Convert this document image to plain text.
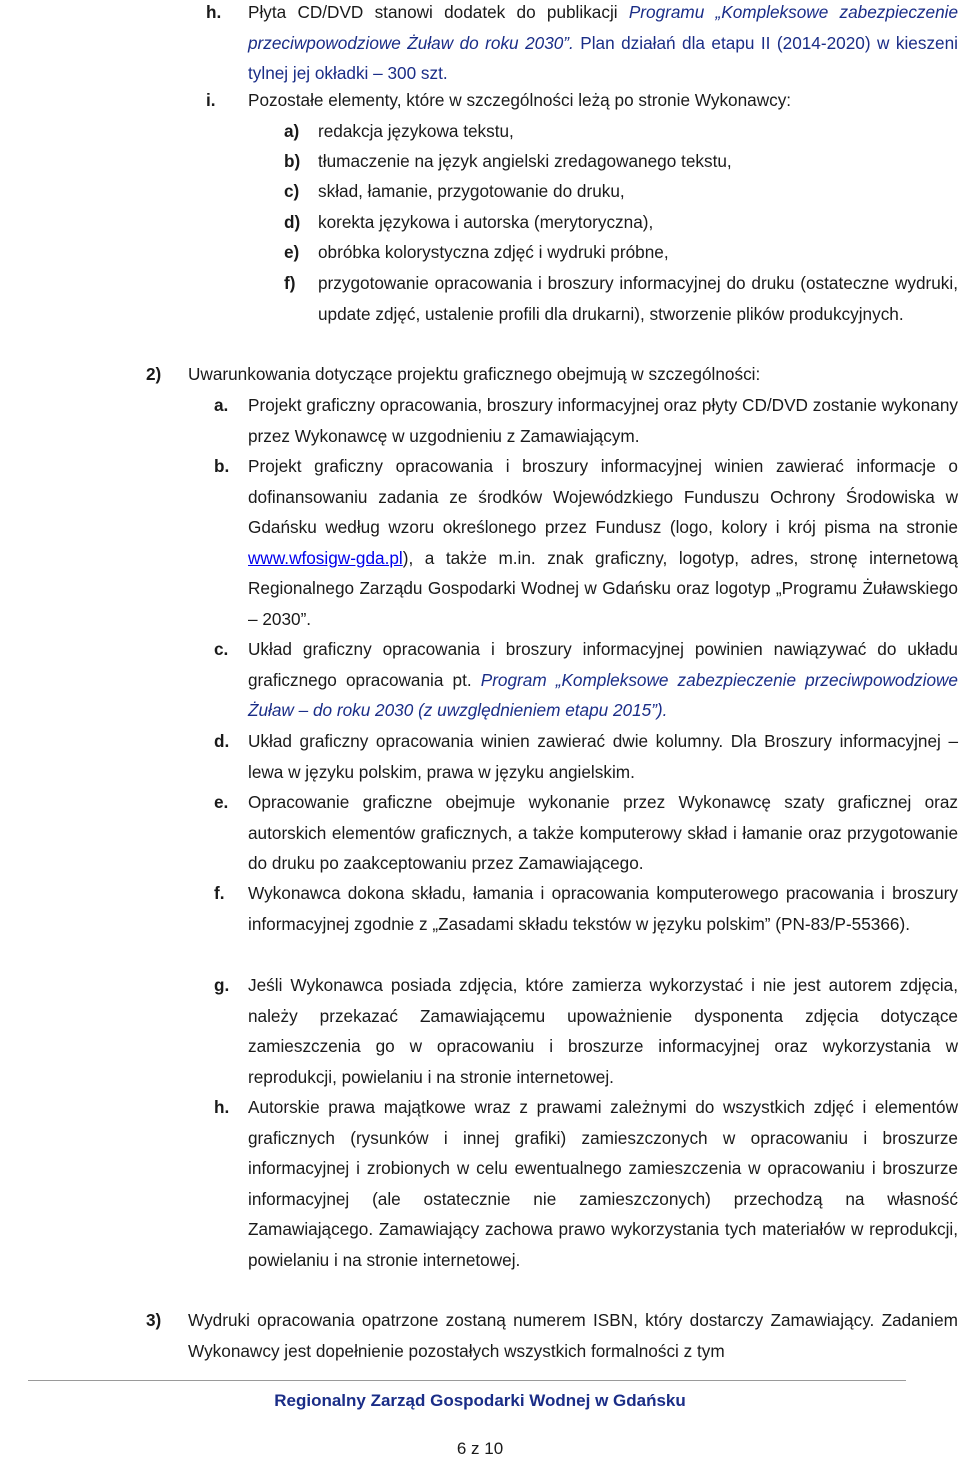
h. Płyta CD/DVD stanowi dodatek do publikacji Programu „Kompleksowe zabezpieczenie przeciwpowodziowe Żuław do roku 2030”. Plan działań dla etapu II (2014-2020) w kieszeni tylnej jej okładki – 300 szt.
i. Pozostałe elementy, które w szczególności leżą po stronie Wykonawcy:
a) redakcja językowa tekstu,
b) tłumaczenie na język angielski zredagowanego tekstu,
c) skład, łamanie, przygotowanie do druku,
d) korekta językowa i autorska (merytoryczna),
e) obróbka kolorystyczna zdjęć i wydruki próbne,
f) przygotowanie opracowania i broszury informacyjnej do druku (ostateczne wydruki, update zdjęć, ustalenie profili dla drukarni), stworzenie plików produkcyjnych.
2) Uwarunkowania dotyczące projektu graficznego obejmują w szczególności:
a. Projekt graficzny opracowania, broszury informacyjnej oraz płyty CD/DVD zostanie wykonany przez Wykonawcę w uzgodnieniu z Zamawiającym.
b. Projekt graficzny opracowania i broszury informacyjnej winien zawierać informacje o dofinansowaniu zadania ze środków Wojewódzkiego Funduszu Ochrony Środowiska w Gdańsku według wzoru określonego przez Fundusz (logo, kolory i krój pisma na stronie www.wfosigw-gda.pl), a także m.in. znak graficzny, logotyp, adres, stronę internetową Regionalnego Zarządu Gospodarki Wodnej w Gdańsku oraz logotyp „Programu Żuławskiego – 2030”.
c. Układ graficzny opracowania i broszury informacyjnej powinien nawiązywać do układu graficznego opracowania pt. Program „Kompleksowe zabezpieczenie przeciwpowodziowe Żuław – do roku 2030 (z uwzględnieniem etapu 2015”).
d. Układ graficzny opracowania winien zawierać dwie kolumny. Dla Broszury informacyjnej – lewa w języku polskim, prawa w języku angielskim.
e. Opracowanie graficzne obejmuje wykonanie przez Wykonawcę szaty graficznej oraz autorskich elementów graficznych, a także komputerowy skład i łamanie oraz przygotowanie do druku po zaakceptowaniu przez Zamawiającego.
f. Wykonawca dokona składu, łamania i opracowania komputerowego pracowania i broszury informacyjnej zgodnie z „Zasadami składu tekstów w języku polskim” (PN-83/P-55366).
g. Jeśli Wykonawca posiada zdjęcia, które zamierza wykorzystać i nie jest autorem zdjęcia, należy przekazać Zamawiającemu upoważnienie dysponenta zdjęcia dotyczące zamieszczenia go w opracowaniu i broszurze informacyjnej oraz wykorzystania w reprodukcji, powielaniu i na stronie internetowej.
h. Autorskie prawa majątkowe wraz z prawami zależnymi do wszystkich zdjęć i elementów graficznych (rysunków i innej grafiki) zamieszczonych w opracowaniu i broszurze informacyjnej i zrobionych w celu ewentualnego zamieszczenia w opracowaniu i broszurze informacyjnej (ale ostatecznie nie zamieszczonych) przechodzą na własność Zamawiającego. Zamawiający zachowa prawo wykorzystania tych materiałów w reprodukcji, powielaniu i na stronie internetowej.
3) Wydruki opracowania opatrzone zostaną numerem ISBN, który dostarczy Zamawiający. Zadaniem Wykonawcy jest dopełnienie pozostałych wszystkich formalności z tym
Regionalny Zarząd Gospodarki Wodnej w Gdańsku
6 z 10
